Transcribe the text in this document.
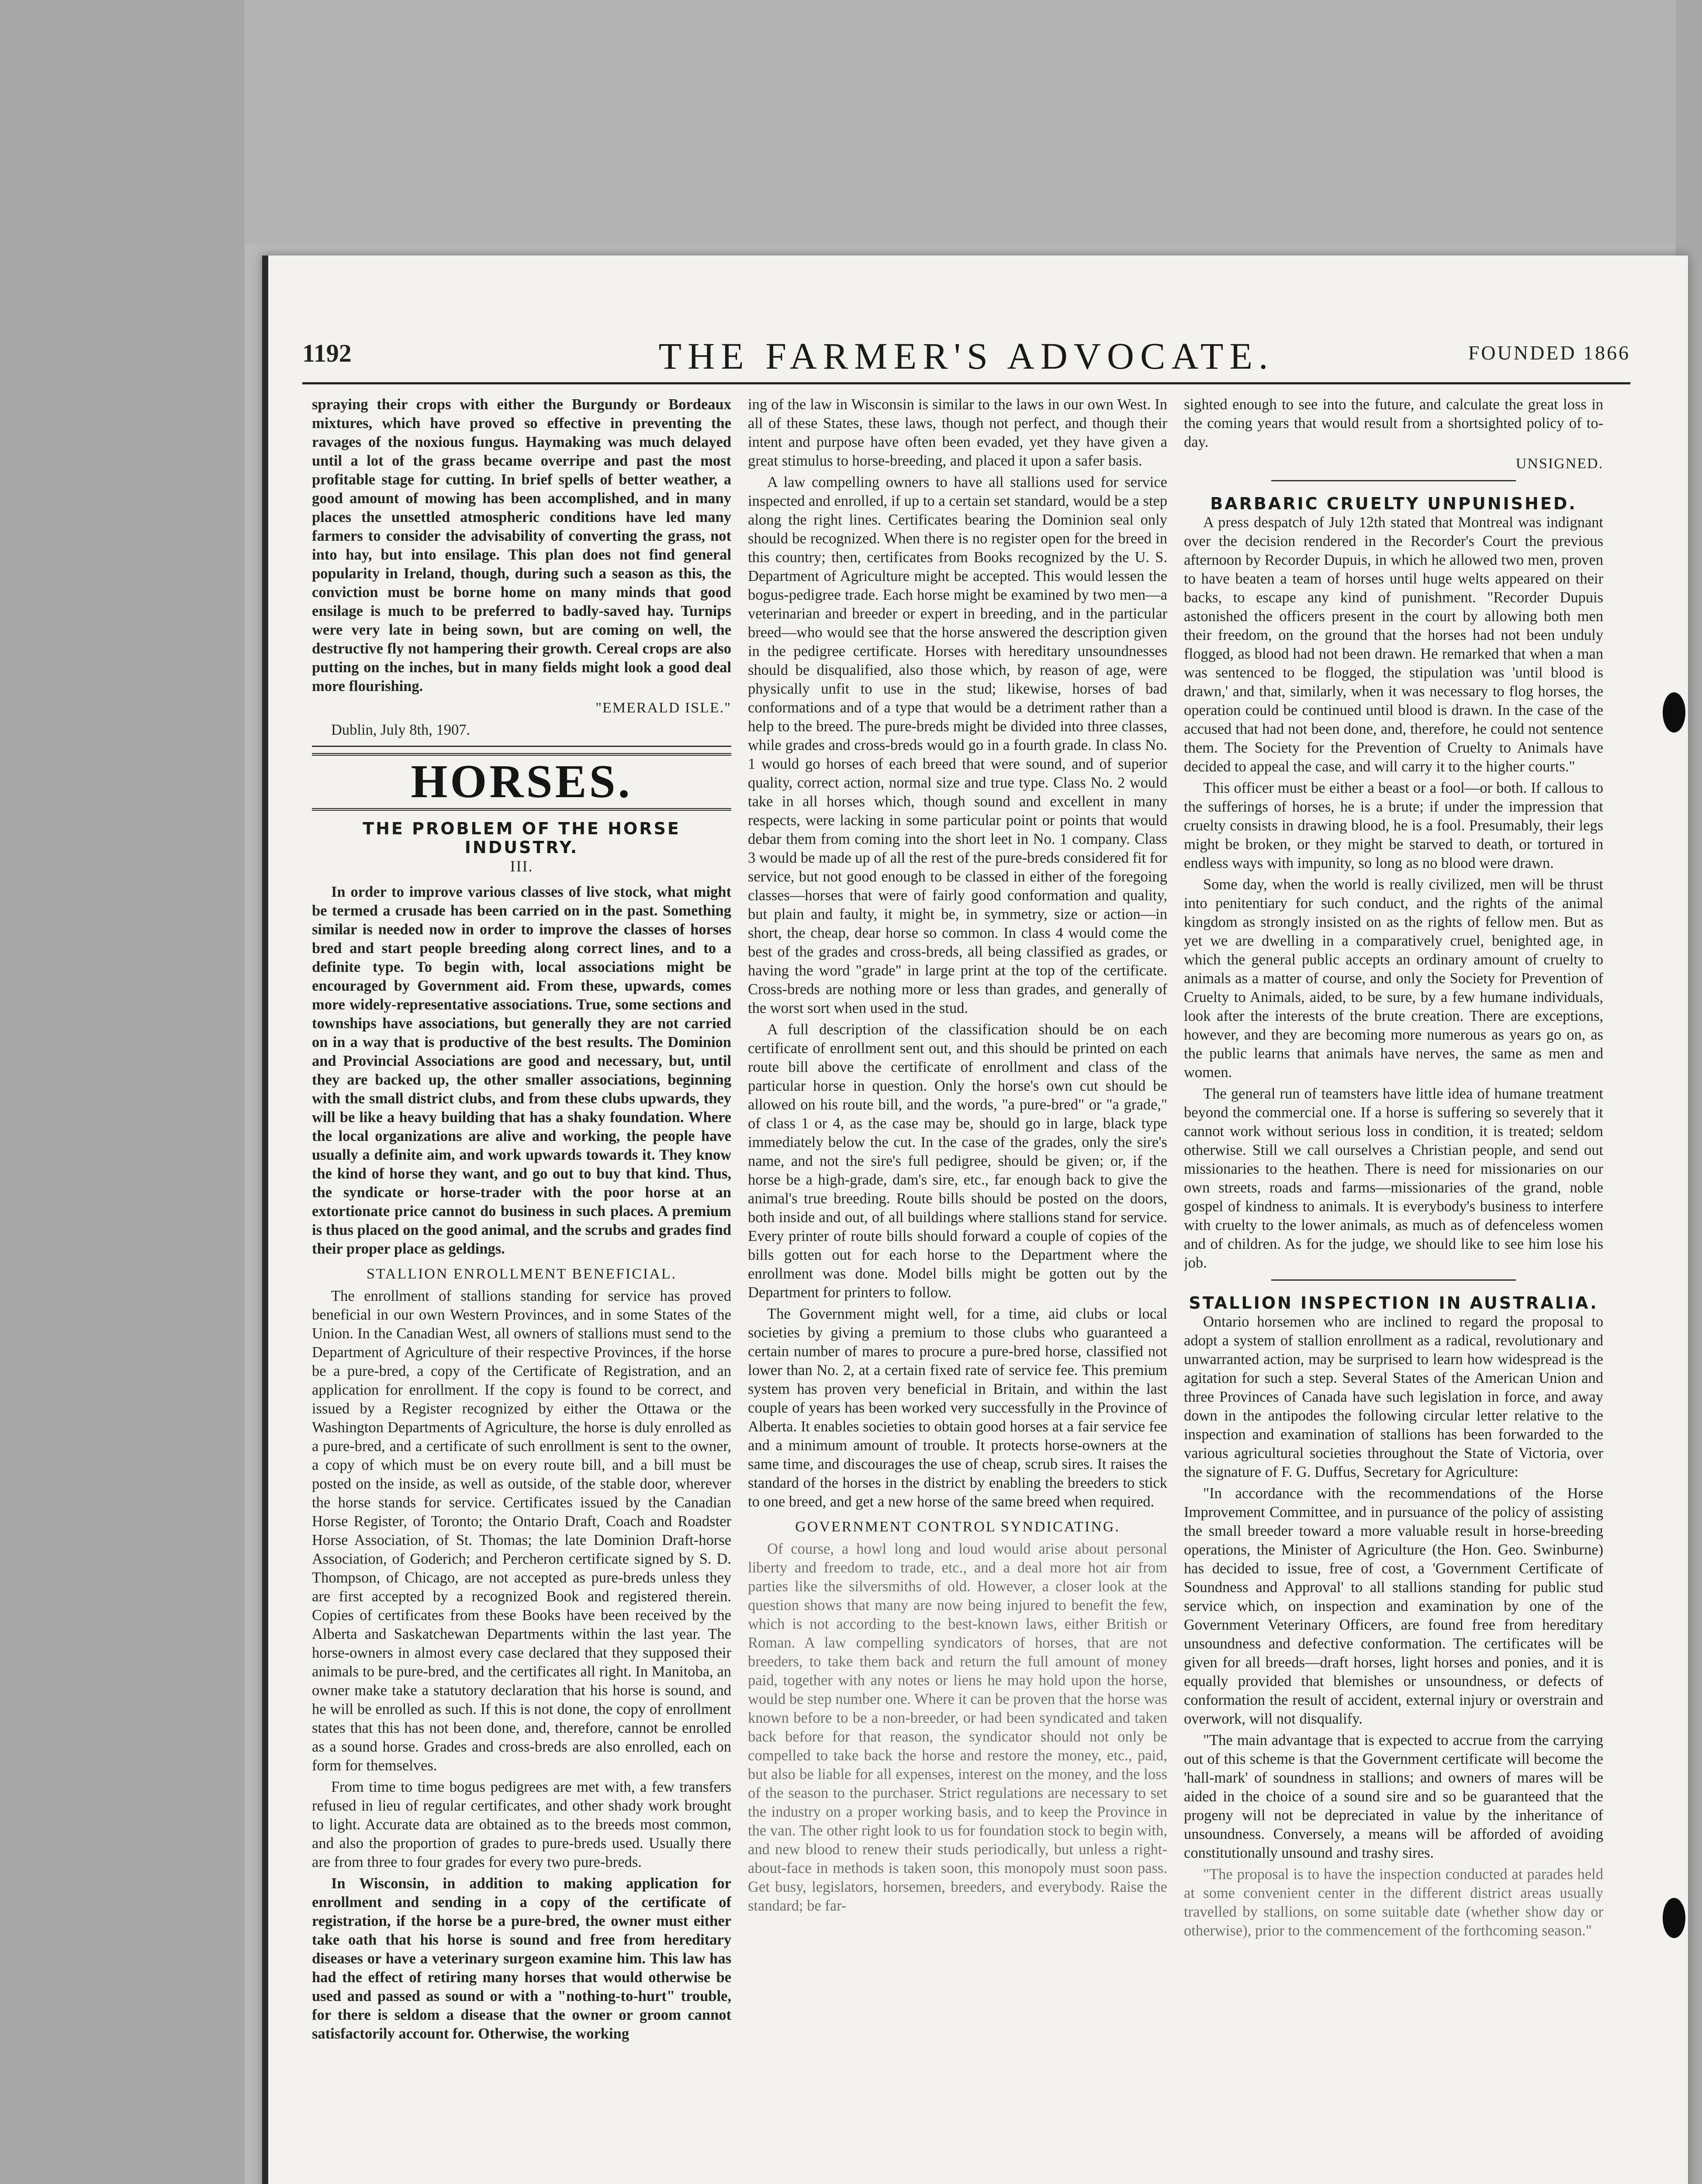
1192	THE FARMER'S ADVOCATE.	FOUNDED 1866

spraying their crops with either the Burgundy or Bordeaux mixtures, which have proved so effective in preventing the ravages of the noxious fungus. Haymaking was much delayed until a lot of the grass became overripe and past the most profitable stage for cutting. In brief spells of better weather, a good amount of mowing has been accomplished, and in many places the unsettled atmospheric conditions have led many farmers to consider the advisability of converting the grass, not into hay, but into ensilage. This plan does not find general popularity in Ireland, though, during such a season as this, the conviction must be borne home on many minds that good ensilage is much to be preferred to badly-saved hay. Turnips were very late in being sown, but are coming on well, the destructive fly not hampering their growth. Cereal crops are also putting on the inches, but in many fields might look a good deal more flourishing.

"EMERALD ISLE."

Dublin, July 8th, 1907.

HORSES.
THE PROBLEM OF THE HORSE INDUSTRY.
III.

In order to improve various classes of live stock, what might be termed a crusade has been carried on in the past. Something similar is needed now in order to improve the classes of horses bred and start people breeding along correct lines, and to a definite type. To begin with, local associations might be encouraged by Government aid. From these, upwards, comes more widely-representative associations. True, some sections and townships have associations, but generally they are not carried on in a way that is productive of the best results. The Dominion and Provincial Associations are good and necessary, but, until they are backed up, the other smaller associations, beginning with the small district clubs, and from these clubs upwards, they will be like a heavy building that has a shaky foundation. Where the local organizations are alive and working, the people have usually a definite aim, and work upwards towards it. They know the kind of horse they want, and go out to buy that kind. Thus, the syndicate or horse-trader with the poor horse at an extortionate price cannot do business in such places. A premium is thus placed on the good animal, and the scrubs and grades find their proper place as geldings.

STALLION ENROLLMENT BENEFICIAL.

The enrollment of stallions standing for service has proved beneficial in our own Western Provinces, and in some States of the Union. In the Canadian West, all owners of stallions must send to the Department of Agriculture of their respective Provinces, if the horse be a pure-bred, a copy of the Certificate of Registration, and an application for enrollment. If the copy is found to be correct, and issued by a Register recognized by either the Ottawa or the Washington Departments of Agriculture, the horse is duly enrolled as a pure-bred, and a certificate of such enrollment is sent to the owner, a copy of which must be on every route bill, and a bill must be posted on the inside, as well as outside, of the stable door, wherever the horse stands for service. Certificates issued by the Canadian Horse Register, of Toronto; the Ontario Draft, Coach and Roadster Horse Association, of St. Thomas; the late Dominion Draft-horse Association, of Goderich; and Percheron certificate signed by S. D. Thompson, of Chicago, are not accepted as pure-breds unless they are first accepted by a recognized Book and registered therein. Copies of certificates from these Books have been received by the Alberta and Saskatchewan Departments within the last year. The horse-owners in almost every case declared that they supposed their animals to be pure-bred, and the certificates all right. In Manitoba, an owner make take a statutory declaration that his horse is sound, and he will be enrolled as such. If this is not done, the copy of enrollment states that this has not been done, and, therefore, cannot be enrolled as a sound horse. Grades and cross-breds are also enrolled, each on form for themselves.

From time to time bogus pedigrees are met with, a few transfers refused in lieu of regular certificates, and other shady work brought to light. Accurate data are obtained as to the breeds most common, and also the proportion of grades to pure-breds used. Usually there are from three to four grades for every two pure-breds.

In Wisconsin, in addition to making application for enrollment and sending in a copy of the certificate of registration, if the horse be a pure-bred, the owner must either take oath that his horse is sound and free from hereditary diseases or have a veterinary surgeon examine him. This law has had the effect of retiring many horses that would otherwise be used and passed as sound or with a "nothing-to-hurt" trouble, for there is seldom a disease that the owner or groom cannot satisfactorily account for. Otherwise, the working

ing of the law in Wisconsin is similar to the laws in our own West. In all of these States, these laws, though not perfect, and though their intent and purpose have often been evaded, yet they have given a great stimulus to horse-breeding, and placed it upon a safer basis.

A law compelling owners to have all stallions used for service inspected and enrolled, if up to a certain set standard, would be a step along the right lines. Certificates bearing the Dominion seal only should be recognized. When there is no register open for the breed in this country; then, certificates from Books recognized by the U. S. Department of Agriculture might be accepted. This would lessen the bogus-pedigree trade. Each horse might be examined by two men—a veterinarian and breeder or expert in breeding, and in the particular breed—who would see that the horse answered the description given in the pedigree certificate. Horses with hereditary unsoundnesses should be disqualified, also those which, by reason of age, were physically unfit to use in the stud; likewise, horses of bad conformations and of a type that would be a detriment rather than a help to the breed. The pure-breds might be divided into three classes, while grades and cross-breds would go in a fourth grade. In class No. 1 would go horses of each breed that were sound, and of superior quality, correct action, normal size and true type. Class No. 2 would take in all horses which, though sound and excellent in many respects, were lacking in some particular point or points that would debar them from coming into the short leet in No. 1 company. Class 3 would be made up of all the rest of the pure-breds considered fit for service, but not good enough to be classed in either of the foregoing classes—horses that were of fairly good conformation and quality, but plain and faulty, it might be, in symmetry, size or action—in short, the cheap, dear horse so common. In class 4 would come the best of the grades and cross-breds, all being classified as grades, or having the word "grade" in large print at the top of the certificate. Cross-breds are nothing more or less than grades, and generally of the worst sort when used in the stud.

A full description of the classification should be on each certificate of enrollment sent out, and this should be printed on each route bill above the certificate of enrollment and class of the particular horse in question. Only the horse's own cut should be allowed on his route bill, and the words, "a pure-bred" or "a grade," of class 1 or 4, as the case may be, should go in large, black type immediately below the cut. In the case of the grades, only the sire's name, and not the sire's full pedigree, should be given; or, if the horse be a high-grade, dam's sire, etc., far enough back to give the animal's true breeding. Route bills should be posted on the doors, both inside and out, of all buildings where stallions stand for service. Every printer of route bills should forward a couple of copies of the bills gotten out for each horse to the Department where the enrollment was done. Model bills might be gotten out by the Department for printers to follow.

The Government might well, for a time, aid clubs or local societies by giving a premium to those clubs who guaranteed a certain number of mares to procure a pure-bred horse, classified not lower than No. 2, at a certain fixed rate of service fee. This premium system has proven very beneficial in Britain, and within the last couple of years has been worked very successfully in the Province of Alberta. It enables societies to obtain good horses at a fair service fee and a minimum amount of trouble. It protects horse-owners at the same time, and discourages the use of cheap, scrub sires. It raises the standard of the horses in the district by enabling the breeders to stick to one breed, and get a new horse of the same breed when required.

GOVERNMENT CONTROL SYNDICATING.

Of course, a howl long and loud would arise about personal liberty and freedom to trade, etc., and a deal more hot air from parties like the silversmiths of old. However, a closer look at the question shows that many are now being injured to benefit the few, which is not according to the best-known laws, either British or Roman. A law compelling syndicators of horses, that are not breeders, to take them back and return the full amount of money paid, together with any notes or liens he may hold upon the horse, would be step number one. Where it can be proven that the horse was known before to be a non-breeder, or had been syndicated and taken back before for that reason, the syndicator should not only be compelled to take back the horse and restore the money, etc., paid, but also be liable for all expenses, interest on the money, and the loss of the season to the purchaser. Strict regulations are necessary to set the industry on a proper working basis, and to keep the Province in the van. The other right look to us for foundation stock to begin with, and new blood to renew their studs periodically, but unless a right-about-face in methods is taken soon, this monopoly must soon pass. Get busy, legislators, horsemen, breeders, and everybody. Raise the standard; be far-

sighted enough to see into the future, and calculate the great loss in the coming years that would result from a shortsighted policy of to-day.

UNSIGNED.
BARBARIC CRUELTY UNPUNISHED.

A press despatch of July 12th stated that Montreal was indignant over the decision rendered in the Recorder's Court the previous afternoon by Recorder Dupuis, in which he allowed two men, proven to have beaten a team of horses until huge welts appeared on their backs, to escape any kind of punishment. "Recorder Dupuis astonished the officers present in the court by allowing both men their freedom, on the ground that the horses had not been unduly flogged, as blood had not been drawn. He remarked that when a man was sentenced to be flogged, the stipulation was 'until blood is drawn,' and that, similarly, when it was necessary to flog horses, the operation could be continued until blood is drawn. In the case of the accused that had not been done, and, therefore, he could not sentence them. The Society for the Prevention of Cruelty to Animals have decided to appeal the case, and will carry it to the higher courts."

This officer must be either a beast or a fool—or both. If callous to the sufferings of horses, he is a brute; if under the impression that cruelty consists in drawing blood, he is a fool. Presumably, their legs might be broken, or they might be starved to death, or tortured in endless ways with impunity, so long as no blood were drawn.

Some day, when the world is really civilized, men will be thrust into penitentiary for such conduct, and the rights of the animal kingdom as strongly insisted on as the rights of fellow men. But as yet we are dwelling in a comparatively cruel, benighted age, in which the general public accepts an ordinary amount of cruelty to animals as a matter of course, and only the Society for Prevention of Cruelty to Animals, aided, to be sure, by a few humane individuals, look after the interests of the brute creation. There are exceptions, however, and they are becoming more numerous as years go on, as the public learns that animals have nerves, the same as men and women.

The general run of teamsters have little idea of humane treatment beyond the commercial one. If a horse is suffering so severely that it cannot work without serious loss in condition, it is treated; seldom otherwise. Still we call ourselves a Christian people, and send out missionaries to the heathen. There is need for missionaries on our own streets, roads and farms—missionaries of the grand, noble gospel of kindness to animals. It is everybody's business to interfere with cruelty to the lower animals, as much as of defenceless women and of children. As for the judge, we should like to see him lose his job.

STALLION INSPECTION IN AUSTRALIA.

Ontario horsemen who are inclined to regard the proposal to adopt a system of stallion enrollment as a radical, revolutionary and unwarranted action, may be surprised to learn how widespread is the agitation for such a step. Several States of the American Union and three Provinces of Canada have such legislation in force, and away down in the antipodes the following circular letter relative to the inspection and examination of stallions has been forwarded to the various agricultural societies throughout the State of Victoria, over the signature of F. G. Duffus, Secretary for Agriculture:

"In accordance with the recommendations of the Horse Improvement Committee, and in pursuance of the policy of assisting the small breeder toward a more valuable result in horse-breeding operations, the Minister of Agriculture (the Hon. Geo. Swinburne) has decided to issue, free of cost, a 'Government Certificate of Soundness and Approval' to all stallions standing for public stud service which, on inspection and examination by one of the Government Veterinary Officers, are found free from hereditary unsoundness and defective conformation. The certificates will be given for all breeds—draft horses, light horses and ponies, and it is equally provided that blemishes or unsoundness, or defects of conformation the result of accident, external injury or overstrain and overwork, will not disqualify.

"The main advantage that is expected to accrue from the carrying out of this scheme is that the Government certificate will become the 'hall-mark' of soundness in stallions; and owners of mares will be aided in the choice of a sound sire and so be guaranteed that the progeny will not be depreciated in value by the inheritance of unsoundness. Conversely, a means will be afforded of avoiding constitutionally unsound and trashy sires.

"The proposal is to have the inspection conducted at parades held at some convenient center in the different district areas usually travelled by stallions, on some suitable date (whether show day or otherwise), prior to the commencement of the forthcoming season."
